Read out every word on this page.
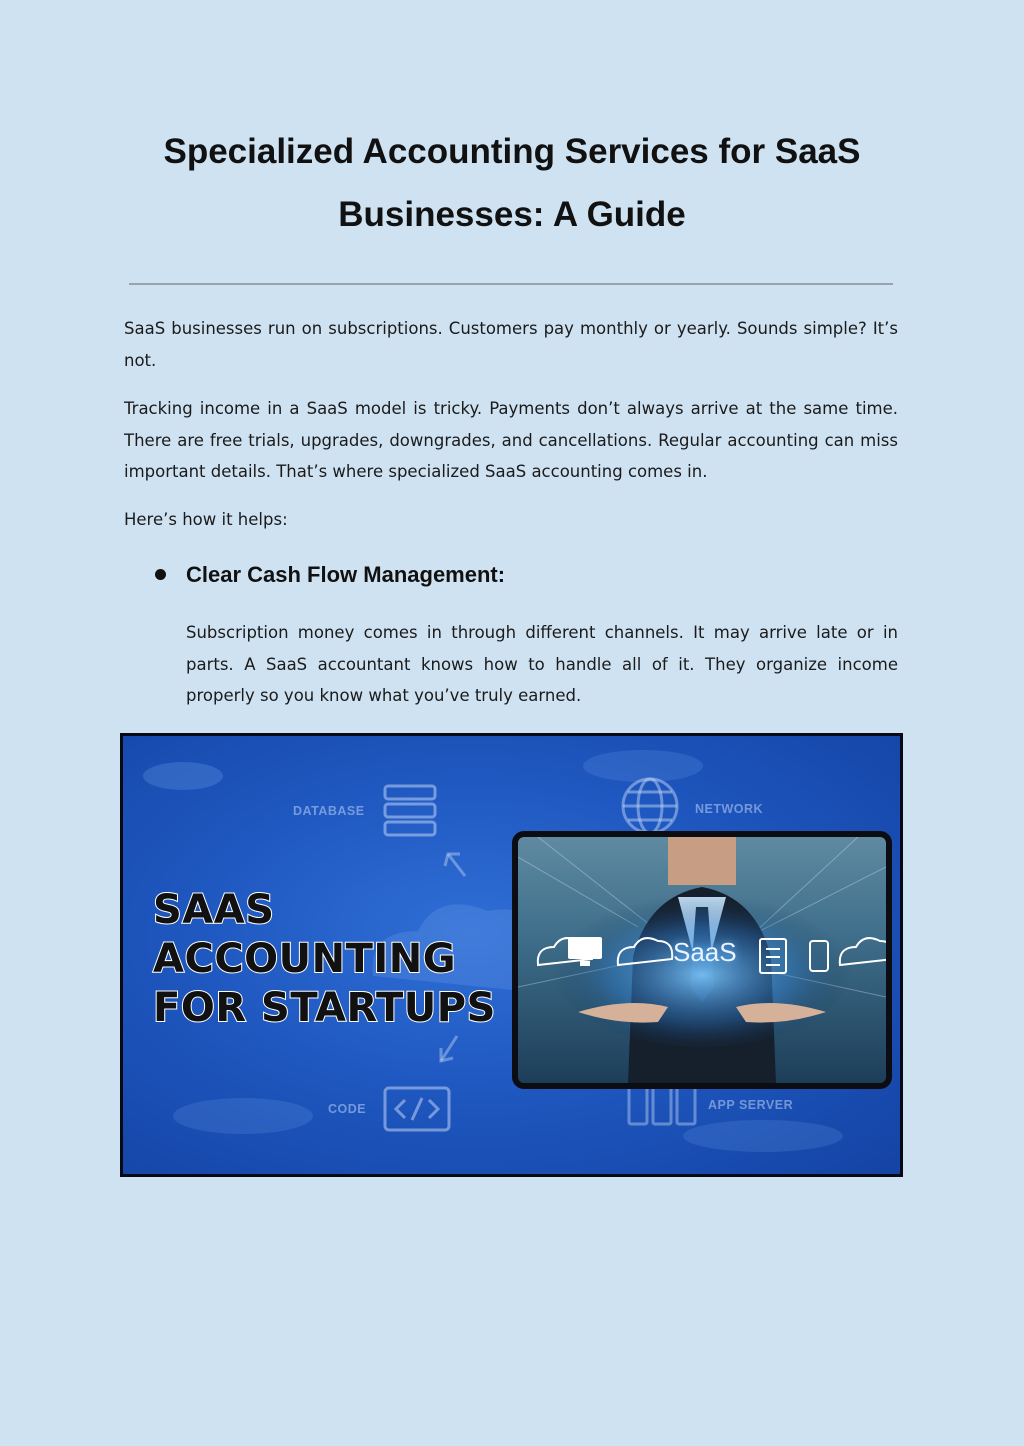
Specialized Accounting Services for SaaS Businesses: A Guide

SaaS businesses run on subscriptions. Customers pay monthly or yearly. Sounds simple? It’s not.

Tracking income in a SaaS model is tricky. Payments don’t always arrive at the same time. There are free trials, upgrades, downgrades, and cancellations. Regular accounting can miss important details. That’s where specialized SaaS accounting comes in.

Here’s how it helps:

Clear Cash Flow Management:

Subscription money comes in through different channels. It may arrive late or in parts. A SaaS accountant knows how to handle all of it. They organize income properly so you know what you’ve truly earned.

DATABASE	NETWORK
CODE	APP SERVER
SAAS
ACCOUNTING
FOR STARTUPS
SaaS
